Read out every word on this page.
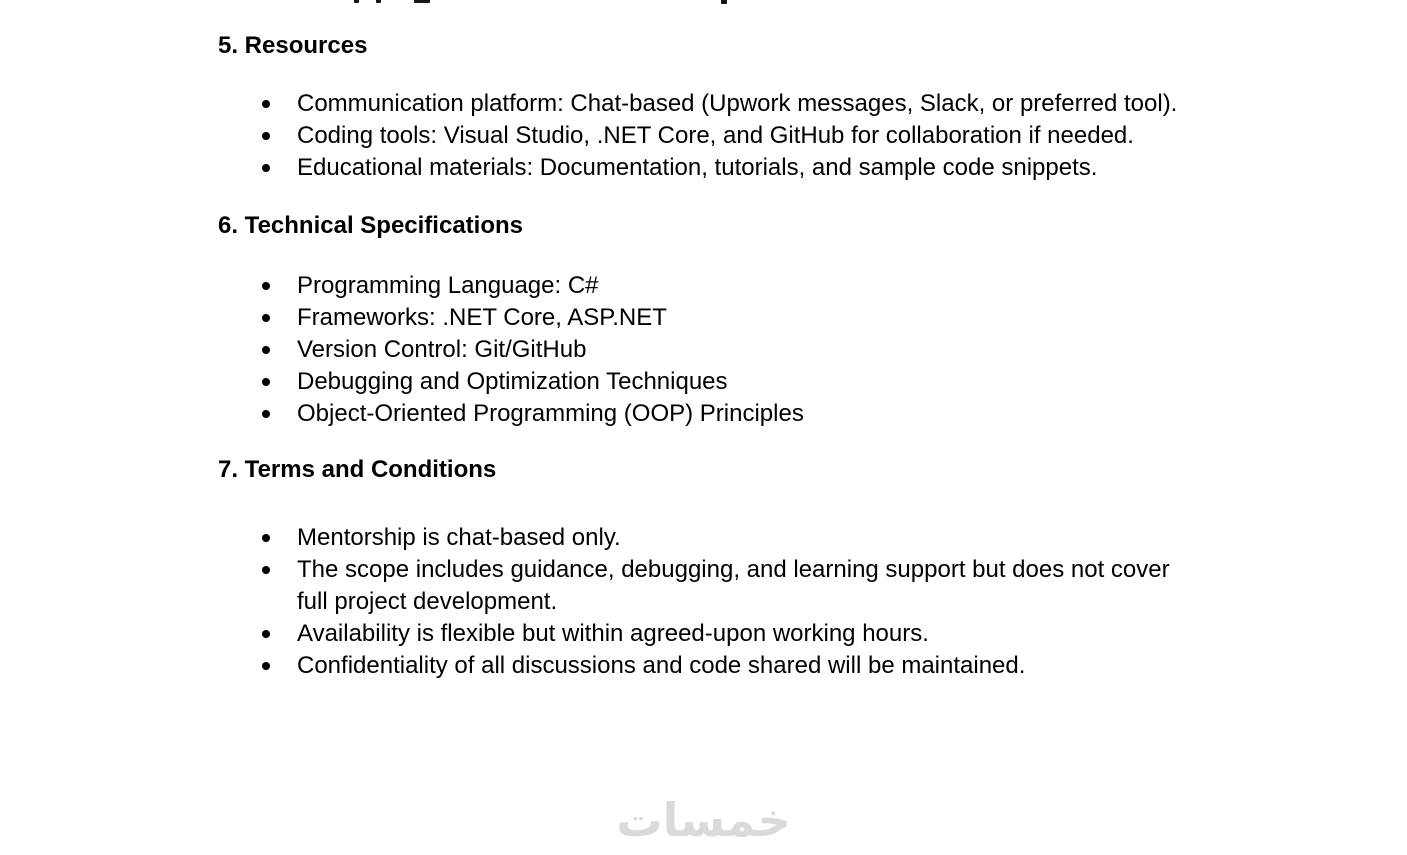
5. Resources
Communication platform: Chat-based (Upwork messages, Slack, or preferred tool).
Coding tools: Visual Studio, .NET Core, and GitHub for collaboration if needed.
Educational materials: Documentation, tutorials, and sample code snippets.
6. Technical Specifications
Programming Language: C#
Frameworks: .NET Core, ASP.NET
Version Control: Git/GitHub
Debugging and Optimization Techniques
Object-Oriented Programming (OOP) Principles
7. Terms and Conditions
Mentorship is chat-based only.
The scope includes guidance, debugging, and learning support but does not cover full project development.
Availability is flexible but within agreed-upon working hours.
Confidentiality of all discussions and code shared will be maintained.
خمسات
